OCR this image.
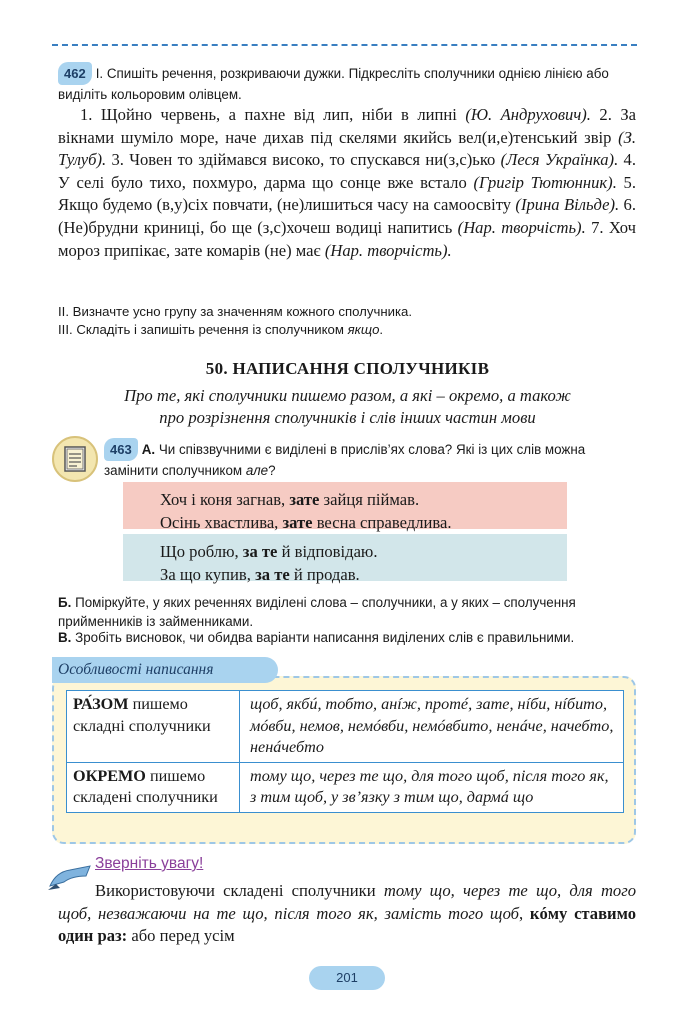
462 І. Спишіть речення, розкриваючи дужки. Підкресліть сполучники однією лінією або виділіть кольоровим олівцем.

1. Щойно червень, а пахне від лип, ніби в липні (Ю. Андрухович). 2. За вікнами шуміло море, наче дихав під скелями якийсь вел(и,е)тенський звір (З. Тулуб). 3. Човен то здіймався високо, то спускався ни(з,с)ько (Леся Українка). 4. У селі було тихо, похмуро, дарма що сонце вже встало (Григір Тютюнник). 5. Якщо будемо (в,у)сіх повчати, (не)лишиться часу на самоосвіту (Ірина Вільде). 6. (Не)брудни криниці, бо ще (з,с)хочеш водиці напитись (Нар. творчість). 7. Хоч мороз припікає, зате комарів (не) має (Нар. творчість).

ІІ. Визначте усно групу за значенням кожного сполучника.
ІІІ. Складіть і запишіть речення із сполучником якщо.
50. НАПИСАННЯ СПОЛУЧНИКІВ
Про те, які сполучники пишемо разом, а які – окремо, а також
про розрізнення сполучників і слів інших частин мови
463 А. Чи співзвучними є виділені в прислів’ях слова? Які із цих слів можна замінити сполучником але?
Хоч і коня загнав, зате зайця піймав.
Осінь хвастлива, зате весна справедлива.
Що роблю, за те й відповідаю.
За що купив, за те й продав.
Б. Поміркуйте, у яких реченнях виділені слова – сполучники, а у яких – сполучення прийменників із займенниками.
В. Зробіть висновок, чи обидва варіанти написання виділених слів є правильними.
Особливості написання
РА́ЗОМ пишемо складні сполучники	щоб, якбú, тобто, анíж, протé, зате, нíби, нíбито, мóвби, немов, немóвби, немóвбито, ненáче, начебто, ненáчебто
ОКРЕМО пишемо складені сполучники	тому що, через те що, для того щоб, після того як, з тим щоб, у зв’язку з тим що, дармá що
Зверніть увагу!
Використовуючи складені сполучники тому що, через те що, для того щоб, незважаючи на те що, після того як, замість того щоб, кóму ставимо один раз: або перед усім
201
